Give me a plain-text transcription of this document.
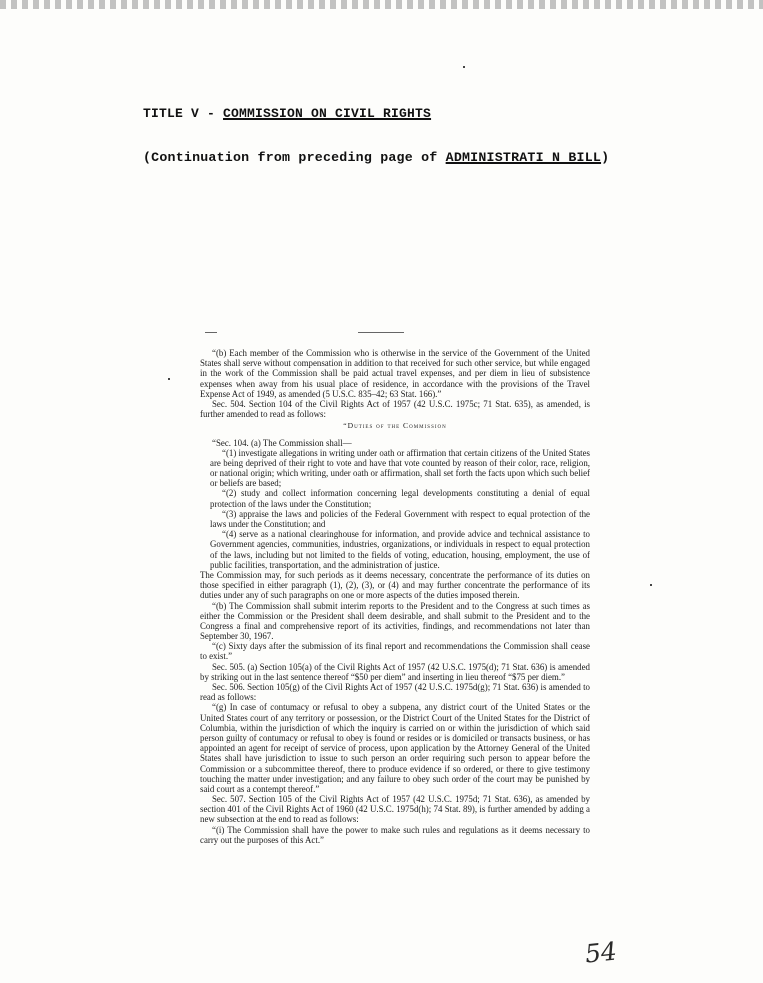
TITLE V - COMMISSION ON CIVIL RIGHTS
(Continuation from preceding page of ADMINISTRATI N BILL)

“(b) Each member of the Commission who is otherwise in the service of the Government of the United States shall serve without compensation in addition to that received for such other service, but while engaged in the work of the Commission shall be paid actual travel expenses, and per diem in lieu of subsistence expenses when away from his usual place of residence, in accordance with the provisions of the Travel Expense Act of 1949, as amended (5 U.S.C. 835–42; 63 Stat. 166).”

Sec. 504. Section 104 of the Civil Rights Act of 1957 (42 U.S.C. 1975c; 71 Stat. 635), as amended, is further amended to read as follows:

“Duties of the Commission

“Sec. 104. (a) The Commission shall—

“(1) investigate allegations in writing under oath or affirmation that certain citizens of the United States are being deprived of their right to vote and have that vote counted by reason of their color, race, religion, or national origin; which writing, under oath or affirmation, shall set forth the facts upon which such belief or beliefs are based;

“(2) study and collect information concerning legal developments constituting a denial of equal protection of the laws under the Constitution;

“(3) appraise the laws and policies of the Federal Government with respect to equal protection of the laws under the Constitution; and

“(4) serve as a national clearinghouse for information, and provide advice and technical assistance to Government agencies, communities, industries, organizations, or individuals in respect to equal protection of the laws, including but not limited to the fields of voting, education, housing, employment, the use of public facilities, transportation, and the administration of justice.

The Commission may, for such periods as it deems necessary, concentrate the performance of its duties on those specified in either paragraph (1), (2), (3), or (4) and may further concentrate the performance of its duties under any of such paragraphs on one or more aspects of the duties imposed therein.

“(b) The Commission shall submit interim reports to the President and to the Congress at such times as either the Commission or the President shall deem desirable, and shall submit to the President and to the Congress a final and comprehensive report of its activities, findings, and recommendations not later than September 30, 1967.

“(c) Sixty days after the submission of its final report and recommendations the Commission shall cease to exist.”

Sec. 505. (a) Section 105(a) of the Civil Rights Act of 1957 (42 U.S.C. 1975(d); 71 Stat. 636) is amended by striking out in the last sentence thereof “$50 per diem” and inserting in lieu thereof “$75 per diem.”

Sec. 506. Section 105(g) of the Civil Rights Act of 1957 (42 U.S.C. 1975d(g); 71 Stat. 636) is amended to read as follows:

“(g) In case of contumacy or refusal to obey a subpena, any district court of the United States or the United States court of any territory or possession, or the District Court of the United States for the District of Columbia, within the jurisdiction of which the inquiry is carried on or within the jurisdiction of which said person guilty of contumacy or refusal to obey is found or resides or is domiciled or transacts business, or has appointed an agent for receipt of service of process, upon application by the Attorney General of the United States shall have jurisdiction to issue to such person an order requiring such person to appear before the Commission or a subcommittee thereof, there to produce evidence if so ordered, or there to give testimony touching the matter under investigation; and any failure to obey such order of the court may be punished by said court as a contempt thereof.”

Sec. 507. Section 105 of the Civil Rights Act of 1957 (42 U.S.C. 1975d; 71 Stat. 636), as amended by section 401 of the Civil Rights Act of 1960 (42 U.S.C. 1975d(h); 74 Stat. 89), is further amended by adding a new subsection at the end to read as follows:

“(i) The Commission shall have the power to make such rules and regulations as it deems necessary to carry out the purposes of this Act.”

54
